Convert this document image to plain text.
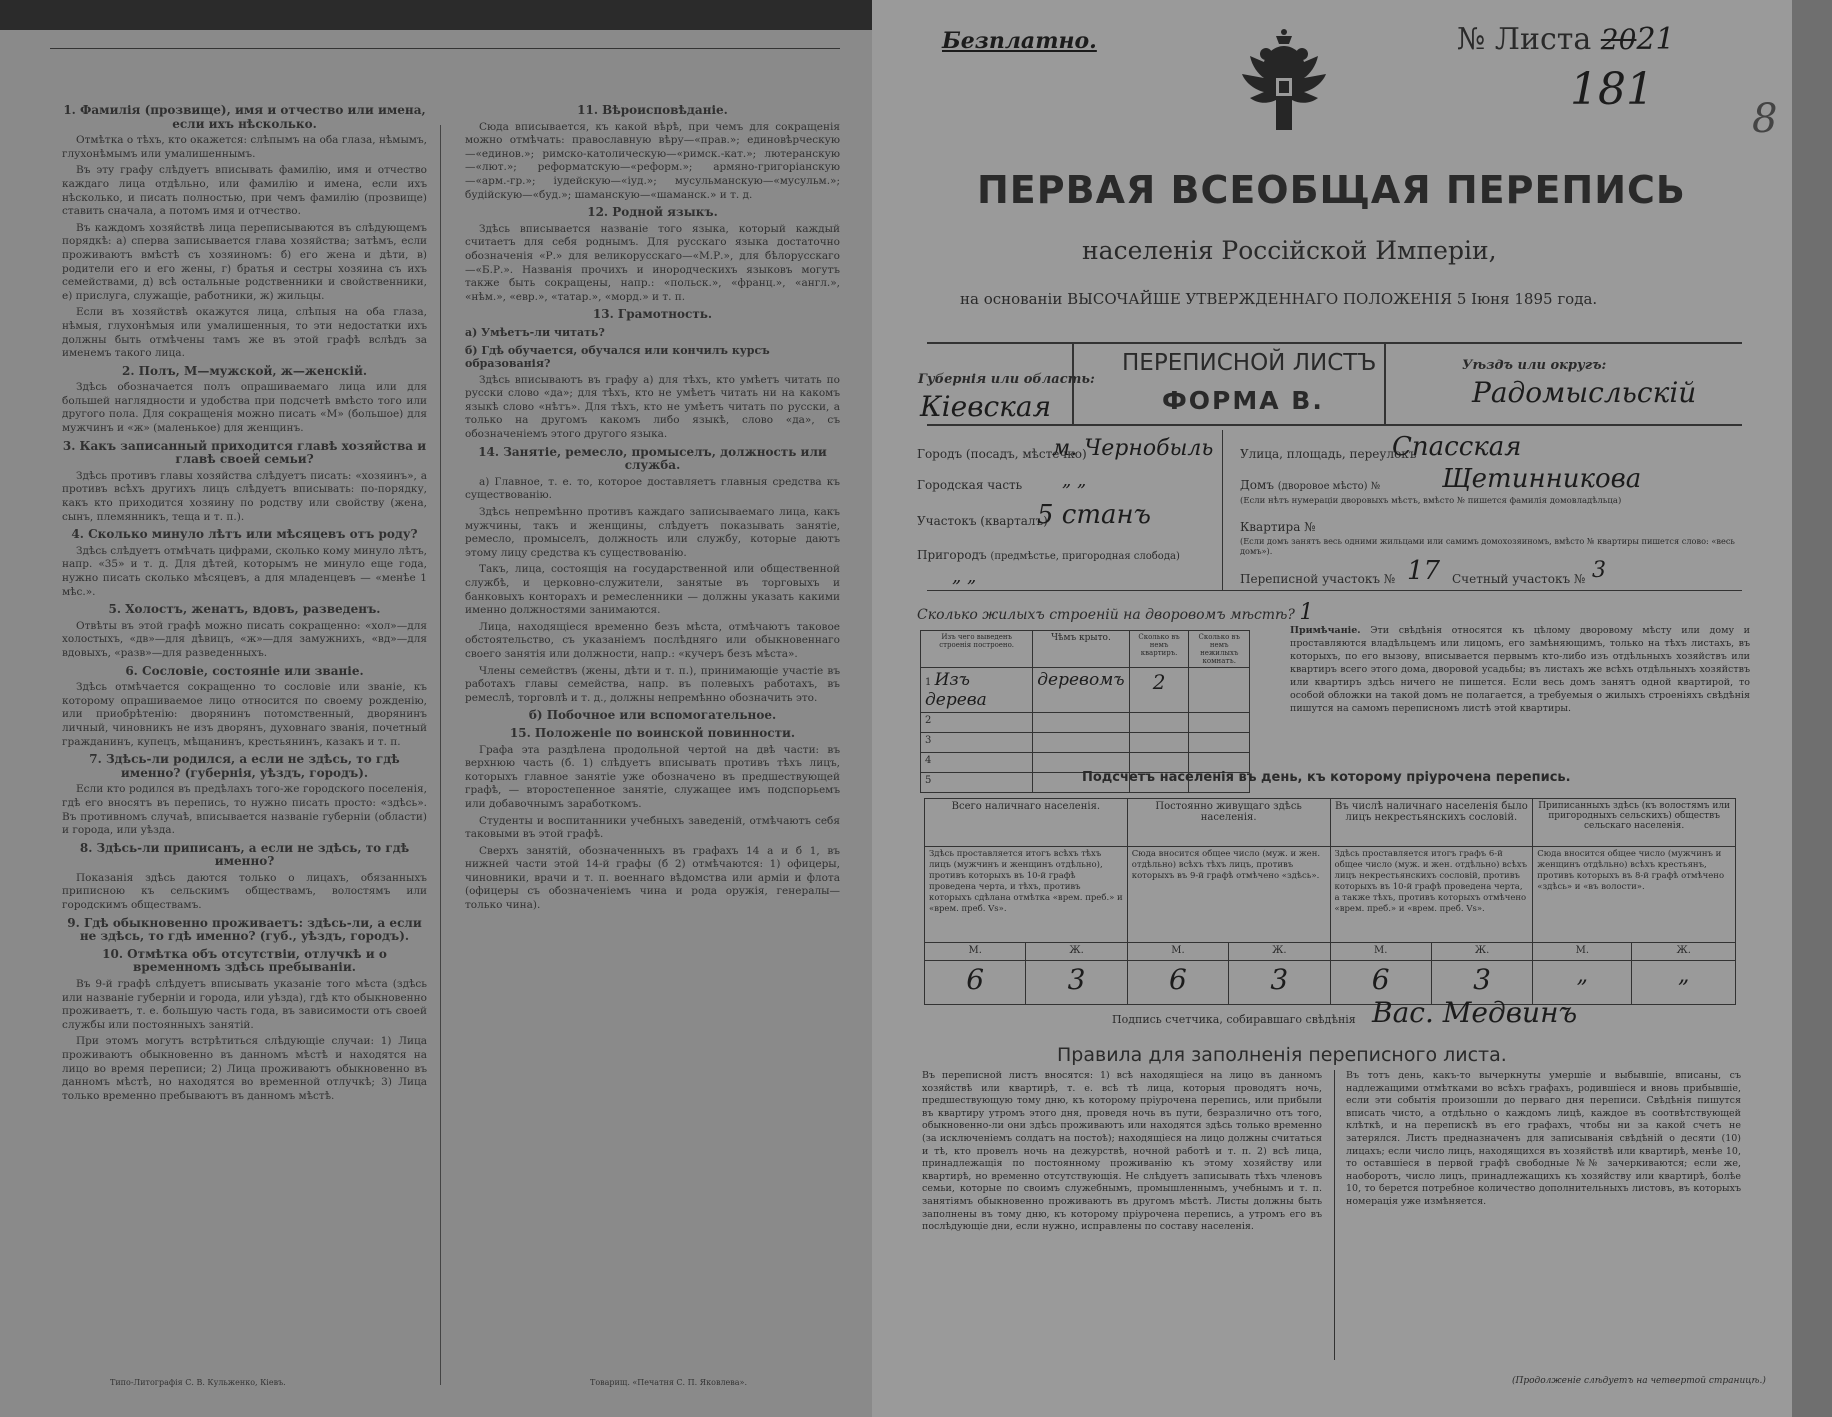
1. Фамилія (прозвище), имя и отчество или имена, если ихъ нѣсколько.

Отмѣтка о тѣхъ, кто окажется: слѣпымъ на оба глаза, нѣмымъ, глухонѣмымъ или умалишеннымъ.

Въ эту графу слѣдуетъ вписывать фамилію, имя и отчество каждаго лица отдѣльно, или фамилію и имена, если ихъ нѣсколько, и писать полностью, при чемъ фамилію (прозвище) ставить сначала, а потомъ имя и отчество.

Въ каждомъ хозяйствѣ лица переписываются въ слѣдующемъ порядкѣ: а) сперва записывается глава хозяйства; затѣмъ, если проживаютъ вмѣстѣ съ хозяиномъ: б) его жена и дѣти, в) родители его и его жены, г) братья и сестры хозяина съ ихъ семействами, д) всѣ остальные родственники и свойственники, е) прислуга, служащіе, работники, ж) жильцы.

Если въ хозяйствѣ окажутся лица, слѣпыя на оба глаза, нѣмыя, глухонѣмыя или умалишенныя, то эти недостатки ихъ должны быть отмѣчены тамъ же въ этой графѣ вслѣдъ за именемъ такого лица.

2. Полъ, М—мужской, ж—женскій.

Здѣсь обозначается полъ опрашиваемаго лица или для большей наглядности и удобства при подсчетѣ вмѣсто того или другого пола. Для сокращенія можно писать «М» (большое) для мужчинъ и «ж» (маленькое) для женщинъ.

3. Какъ записанный приходится главѣ хозяйства и главѣ своей семьи?

Здѣсь противъ главы хозяйства слѣдуетъ писать: «хозяинъ», а противъ всѣхъ другихъ лицъ слѣдуетъ вписывать: по-порядку, какъ кто приходится хозяину по родству или свойству (жена, сынъ, племянникъ, теща и т. п.).

4. Сколько минуло лѣтъ или мѣсяцевъ отъ роду?

Здѣсь слѣдуетъ отмѣчать цифрами, сколько кому минуло лѣтъ, напр. «35» и т. д. Для дѣтей, которымъ не минуло еще года, нужно писать сколько мѣсяцевъ, а для младенцевъ — «менѣе 1 мѣс.».

5. Холостъ, женатъ, вдовъ, разведенъ.

Отвѣты въ этой графѣ можно писать сокращенно: «хол»—для холостыхъ, «дв»—для дѣвицъ, «ж»—для замужнихъ, «вд»—для вдовыхъ, «разв»—для разведенныхъ.

6. Сословіе, состояніе или званіе.

Здѣсь отмѣчается сокращенно то сословіе или званіе, къ которому опрашиваемое лицо относится по своему рожденію, или приобрѣтенію: дворянинъ потомственный, дворянинъ личный, чиновникъ не изъ дворянъ, духовнаго званія, почетный гражданинъ, купецъ, мѣщанинъ, крестьянинъ, казакъ и т. п.

7. Здѣсь-ли родился, а если не здѣсь, то гдѣ именно? (губернія, уѣздъ, городъ).

Если кто родился въ предѣлахъ того-же городского поселенія, гдѣ его вносятъ въ перепись, то нужно писать просто: «здѣсь». Въ противномъ случаѣ, вписывается названіе губерніи (области) и города, или уѣзда.

8. Здѣсь-ли приписанъ, а если не здѣсь, то гдѣ именно?

Показанія здѣсь даются только о лицахъ, обязанныхъ приписною къ сельскимъ обществамъ, волостямъ или городскимъ обществамъ.

9. Гдѣ обыкновенно проживаетъ: здѣсь-ли, а если не здѣсь, то гдѣ именно? (губ., уѣздъ, городъ).
10. Отмѣтка объ отсутствіи, отлучкѣ и о временномъ здѣсь пребываніи.

Въ 9-й графѣ слѣдуетъ вписывать указаніе того мѣста (здѣсь или названіе губерніи и города, или уѣзда), гдѣ кто обыкновенно проживаетъ, т. е. большую часть года, въ зависимости отъ своей службы или постоянныхъ занятій.

При этомъ могутъ встрѣтиться слѣдующіе случаи: 1) Лица проживаютъ обыкновенно въ данномъ мѣстѣ и находятся на лицо во время переписи; 2) Лица проживаютъ обыкновенно въ данномъ мѣстѣ, но находятся во временной отлучкѣ; 3) Лица только временно пребываютъ въ данномъ мѣстѣ.

11. Вѣроисповѣданіе.

Сюда вписывается, къ какой вѣрѣ, при чемъ для сокращенія можно отмѣчать: православную вѣру—«прав.»; единовѣрческую—«единов.»; римско-католическую—«римск.-кат.»; лютеранскую—«лют.»; реформатскую—«реформ.»; армяно-григоріанскую—«арм.-гр.»; іудейскую—«іуд.»; мусульманскую—«мусульм.»; будійскую—«буд.»; шаманскую—«шаманск.» и т. д.

12. Родной языкъ.

Здѣсь вписывается названіе того языка, который каждый считаетъ для себя роднымъ. Для русскаго языка достаточно обозначенія «Р.» для великорусскаго—«М.Р.», для бѣлорусскаго—«Б.Р.». Названія прочихъ и инородческихъ языковъ могутъ также быть сокращены, напр.: «польск.», «франц.», «англ.», «нѣм.», «евр.», «татар.», «морд.» и т. п.

13. Грамотность.
а) Умѣетъ-ли читать?
б) Гдѣ обучается, обучался или кончилъ курсъ образованія?

Здѣсь вписываютъ въ графу а) для тѣхъ, кто умѣетъ читать по русски слово «да»; для тѣхъ, кто не умѣетъ читать ни на какомъ языкѣ слово «нѣтъ». Для тѣхъ, кто не умѣетъ читать по русски, а только на другомъ какомъ либо языкѣ, слово «да», съ обозначеніемъ этого другого языка.

14. Занятіе, ремесло, промыселъ, должность или служба.

а) Главное, т. е. то, которое доставляетъ главныя средства къ существованію.

Здѣсь непремѣнно противъ каждаго записываемаго лица, какъ мужчины, такъ и женщины, слѣдуетъ показывать занятіе, ремесло, промыселъ, должность или службу, которые даютъ этому лицу средства къ существованію.

Такъ, лица, состоящія на государственной или общественной службѣ, и церковно-служители, занятые въ торговыхъ и банковыхъ конторахъ и ремесленники — должны указать какими именно должностями занимаются.

Лица, находящіеся временно безъ мѣста, отмѣчаютъ таковое обстоятельство, съ указаніемъ послѣдняго или обыкновеннаго своего занятія или должности, напр.: «кучеръ безъ мѣста».

Члены семействъ (жены, дѣти и т. п.), принимающіе участіе въ работахъ главы семейства, напр. въ полевыхъ работахъ, въ ремеслѣ, торговлѣ и т. д., должны непремѣнно обозначить это.

б) Побочное или вспомогательное.
15. Положеніе по воинской повинности.

Графа эта раздѣлена продольной чертой на двѣ части: въ верхнюю часть (б. 1) слѣдуетъ вписывать противъ тѣхъ лицъ, которыхъ главное занятіе уже обозначено въ предшествующей графѣ, — второстепенное занятіе, служащее имъ подспорьемъ или добавочнымъ заработкомъ.

Студенты и воспитанники учебныхъ заведеній, отмѣчаютъ себя таковыми въ этой графѣ.

Сверхъ занятій, обозначенныхъ въ графахъ 14 а и б 1, въ нижней части этой 14-й графы (б 2) отмѣчаются: 1) офицеры, чиновники, врачи и т. п. военнаго вѣдомства или арміи и флота (офицеры съ обозначеніемъ чина и рода оружія, генералы—только чина).

Типо-Литографія С. В. Кульженко, Кіевъ.	Товарищ. «Печатня С. П. Яковлева».
Безплатно.	№ Листа 2021
181
8
ПЕРВАЯ ВСЕОБЩАЯ ПЕРЕПИСЬ
населенія Россійской Имперіи,
на основаніи ВЫСОЧАЙШЕ УТВЕРЖДЕННАГО ПОЛОЖЕНІЯ 5 Іюня 1895 года.
Губернія или область:
Кіевская
ПЕРЕПИСНОЙ ЛИСТЪ
ФОРМА В.
Уѣздъ или округъ:
Радомысльскій
Городъ (посадъ, мѣстечко)
м. Чернобыль
Городская часть „ „
Участокъ (кварталъ)
5 станъ
Пригородъ (предмѣстье, пригородная слобода)
„ „
Улица, площадь, переулокъ
Спасская
Домъ (дворовое мѣсто) № Щетинникова
(Если нѣтъ нумераціи дворовыхъ мѣстъ, вмѣсто № пишется фамилія домовладѣльца)
Квартира №
(Если домъ занятъ весь одними жильцами или самимъ домохозяиномъ, вмѣсто № квартиры пишется слово: «весь домъ»).
Переписной участокъ № 17 Счетный участокъ № 3
Сколько жилыхъ строеній на дворовомъ мѣстѣ? 1
Изъ чего выведенъ строенія построено.	Чѣмъ крыто.	Сколько въ немъ квартиръ.	Сколько въ немъ нежилыхъ комнатъ.
1 Изъ дерева	деревомъ	2	
2			
3			
4			
5			
Примѣчаніе. Эти свѣдѣнія относятся къ цѣлому дворовому мѣсту или дому и проставляются владѣльцемъ или лицомъ, его замѣняющимъ, только на тѣхъ листахъ, въ которыхъ, по его вызову, вписывается первымъ кто-либо изъ отдѣльныхъ хозяйствъ или квартиръ всего этого дома, дворовой усадьбы; въ листахъ же всѣхъ отдѣльныхъ хозяйствъ или квартиръ здѣсь ничего не пишется. Если весь домъ занятъ одной квартирой, то особой обложки на такой домъ не полагается, а требуемыя о жилыхъ строеніяхъ свѣдѣнія пишутся на самомъ переписномъ листѣ этой квартиры.
Подсчетъ населенія въ день, къ которому пріурочена перепись.
Всего наличнаго населенія.		Постоянно живущаго здѣсь населенія.		Въ числѣ наличнаго населенія было лицъ некрестьянскихъ сословій.		Приписанныхъ здѣсь (къ волостямъ или пригородныхъ сельскихъ) обществъ сельскаго населенія.	
Здѣсь проставляется итогъ всѣхъ тѣхъ лицъ (мужчинъ и женщинъ отдѣльно), противъ которыхъ въ 10-й графѣ проведена черта, и тѣхъ, противъ которыхъ сдѣлана отмѣтка «врем. преб.» и «врем. преб. Vs».		Сюда вносится общее число (муж. и жен. отдѣльно) всѣхъ тѣхъ лицъ, противъ которыхъ въ 9-й графѣ отмѣчено «здѣсь».		Здѣсь проставляется итогъ графъ 6-й общее число (муж. и жен. отдѣльно) всѣхъ лицъ некрестьянскихъ сословій, противъ которыхъ въ 10-й графѣ проведена черта, а также тѣхъ, противъ которыхъ отмѣчено «врем. преб.» и «врем. преб. Vs».		Сюда вносится общее число (мужчинъ и женщинъ отдѣльно) всѣхъ крестьянъ, противъ которыхъ въ 8-й графѣ отмѣчено «здѣсь» и «въ волости».	
М.	Ж.	М.	Ж.	М.	Ж.	М.	Ж.
6	3	6	3	6	3	„	„
Подпись счетчика, собиравшаго свѣдѣнія Вас. Медвинъ
Правила для заполненія переписного листа.
Въ переписной листъ вносятся: 1) всѣ находящіеся на лицо въ данномъ хозяйствѣ или квартирѣ, т. е. всѣ тѣ лица, которыя проводятъ ночь, предшествующую тому дню, къ которому пріурочена перепись, или прибыли въ квартиру утромъ этого дня, проведя ночь въ пути, безразлично отъ того, обыкновенно-ли они здѣсь проживаютъ или находятся здѣсь только временно (за исключеніемъ солдатъ на постоѣ); находящіеся на лицо должны считаться и тѣ, кто провелъ ночь на дежурствѣ, ночной работѣ и т. п. 2) всѣ лица, принадлежащія по постоянному проживанію къ этому хозяйству или квартирѣ, но временно отсутствующія. Не слѣдуетъ записывать тѣхъ членовъ семьи, которые по своимъ служебнымъ, промышленнымъ, учебнымъ и т. п. занятіямъ обыкновенно проживаютъ въ другомъ мѣстѣ. Листы должны быть заполнены въ тому дню, къ которому пріурочена перепись, а утромъ его въ послѣдующіе дни, если нужно, исправлены по составу населенія.
Въ тотъ день, какъ-то вычеркнуты умершіе и выбывшіе, вписаны, съ надлежащими отмѣтками во всѣхъ графахъ, родившіеся и вновь прибывшіе, если эти событія произошли до перваго дня переписи. Свѣдѣнія пишутся вписать чисто, а отдѣльно о каждомъ лицѣ, каждое въ соотвѣтствующей клѣткѣ, и на перепискѣ въ его графахъ, чтобы ни за какой счетъ не затерялся. Листъ предназначенъ для записыванія свѣдѣній о десяти (10) лицахъ; если число лицъ, находящихся въ хозяйствѣ или квартирѣ, менѣе 10, то оставшіеся в первой графѣ свободные №№ зачеркиваются; если же, наоборотъ, число лицъ, принадлежащихъ къ хозяйству или квартирѣ, болѣе 10, то берется потребное количество дополнительныхъ листовъ, въ которыхъ номерація уже измѣняется.
(Продолженіе слѣдуетъ на четвертой страницѣ.)
